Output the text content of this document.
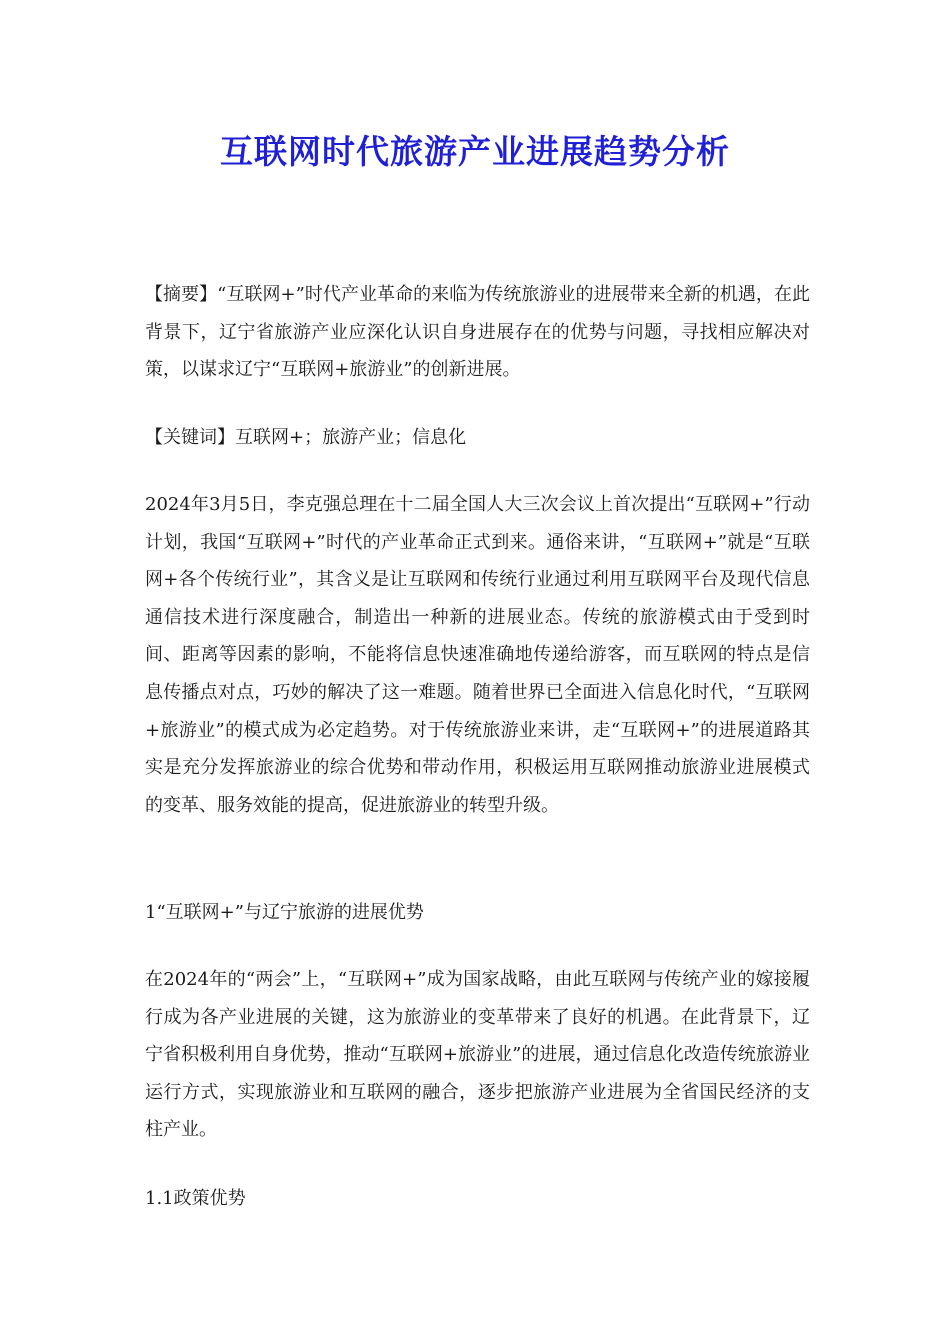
互联网时代旅游产业进展趋势分析

【摘要】“互联网+”时代产业革命的来临为传统旅游业的进展带来全新的机遇，在此背景下，辽宁省旅游产业应深化认识自身进展存在的优势与问题，寻找相应解决对策，以谋求辽宁“互联网+旅游业”的创新进展。

【关键词】互联网+；旅游产业；信息化

2024年3月5日，李克强总理在十二届全国人大三次会议上首次提出“互联网+”行动计划，我国“互联网+”时代的产业革命正式到来。通俗来讲，“互联网+”就是“互联网+各个传统行业”，其含义是让互联网和传统行业通过利用互联网平台及现代信息通信技术进行深度融合，制造出一种新的进展业态。传统的旅游模式由于受到时间、距离等因素的影响，不能将信息快速准确地传递给游客，而互联网的特点是信息传播点对点，巧妙的解决了这一难题。随着世界已全面进入信息化时代，“互联网+旅游业”的模式成为必定趋势。对于传统旅游业来讲，走“互联网+”的进展道路其实是充分发挥旅游业的综合优势和带动作用，积极运用互联网推动旅游业进展模式的变革、服务效能的提高，促进旅游业的转型升级。

1“互联网+”与辽宁旅游的进展优势

在2024年的“两会”上，“互联网+”成为国家战略，由此互联网与传统产业的嫁接履行成为各产业进展的关键，这为旅游业的变革带来了良好的机遇。在此背景下，辽宁省积极利用自身优势，推动“互联网+旅游业”的进展，通过信息化改造传统旅游业运行方式，实现旅游业和互联网的融合，逐步把旅游产业进展为全省国民经济的支柱产业。

1.1政策优势
